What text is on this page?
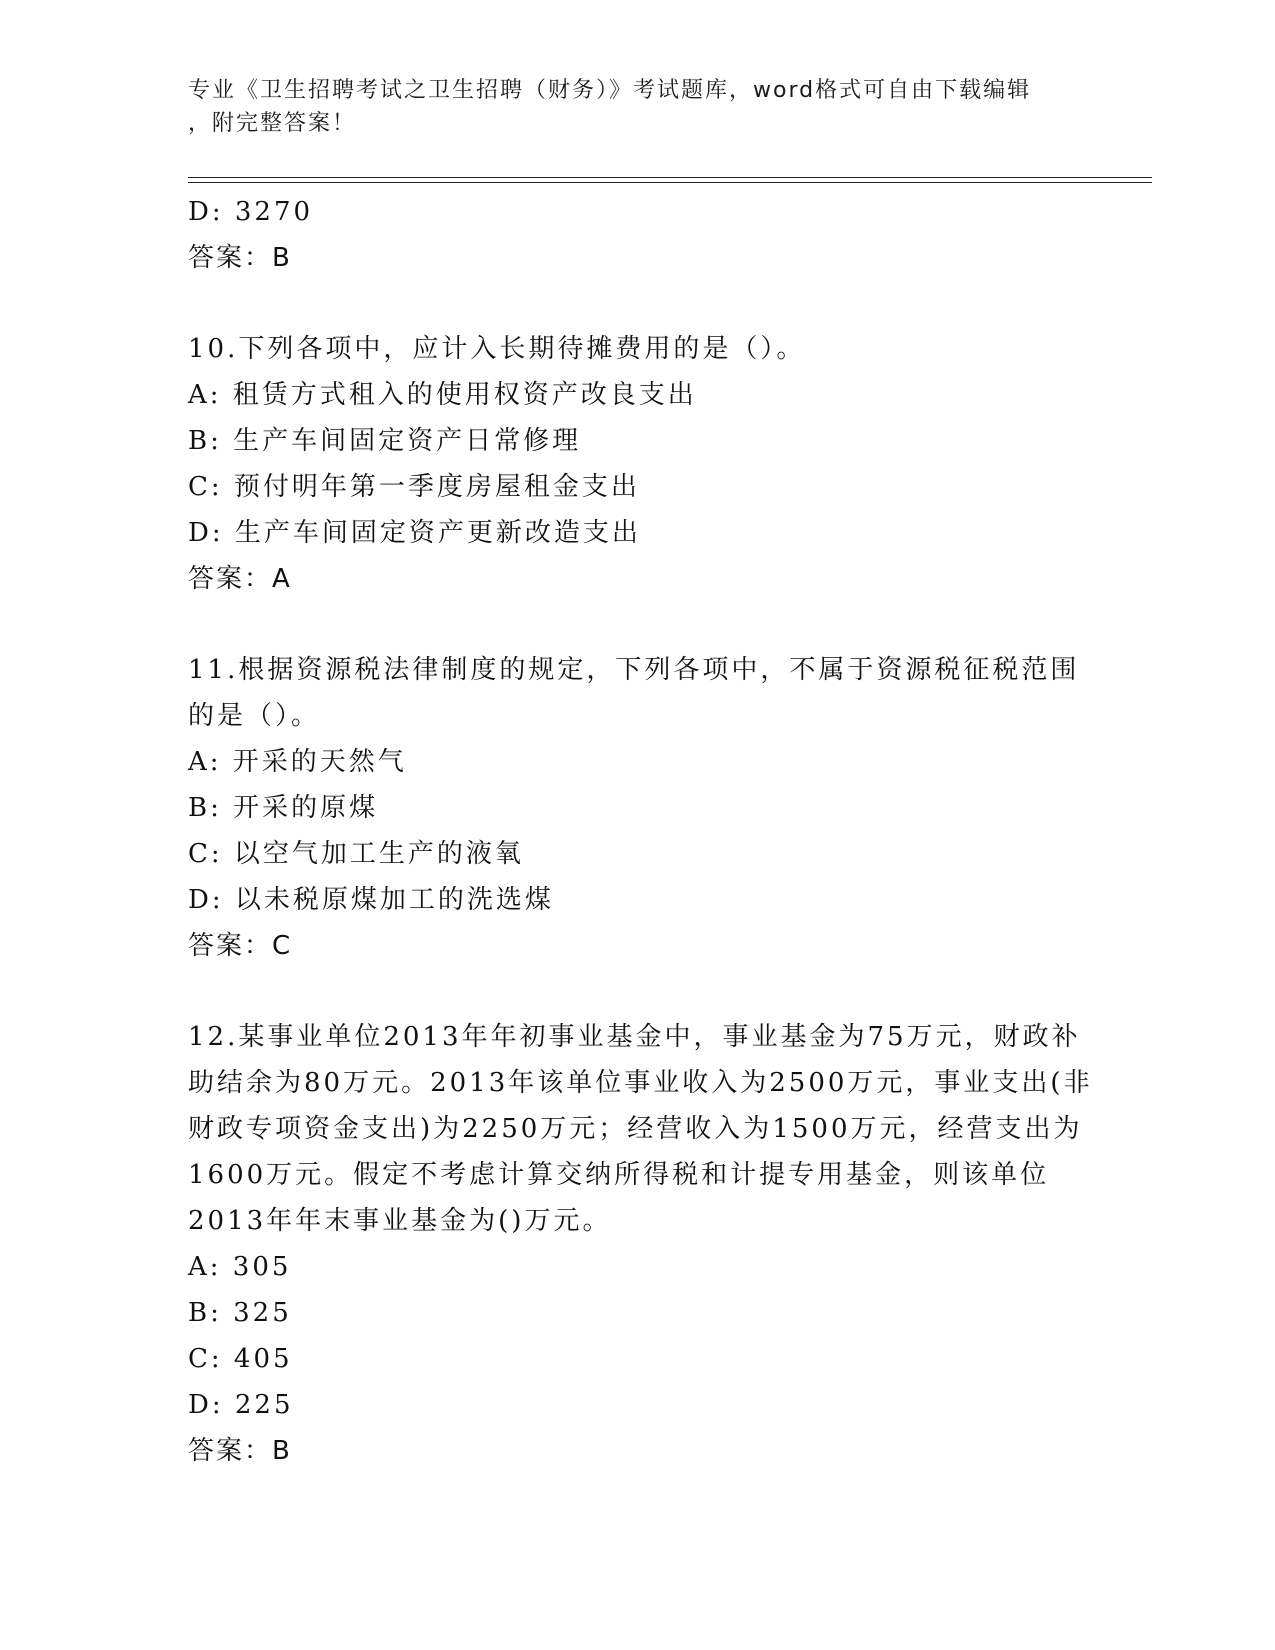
专业《卫生招聘考试之卫生招聘（财务）》考试题库，word格式可自由下载编辑
，附完整答案！
D: 3270
答案：B
10.下列各项中，应计入长期待摊费用的是（）。
A: 租赁方式租入的使用权资产改良支出
B: 生产车间固定资产日常修理
C: 预付明年第一季度房屋租金支出
D: 生产车间固定资产更新改造支出
答案：A
11.根据资源税法律制度的规定，下列各项中，不属于资源税征税范围
的是（）。
A: 开采的天然气
B: 开采的原煤
C: 以空气加工生产的液氧
D: 以未税原煤加工的洗选煤
答案：C
12.某事业单位2013年年初事业基金中，事业基金为75万元，财政补
助结余为80万元。2013年该单位事业收入为2500万元，事业支出(非
财政专项资金支出)为2250万元；经营收入为1500万元，经营支出为
1600万元。假定不考虑计算交纳所得税和计提专用基金，则该单位
2013年年末事业基金为()万元。
A: 305
B: 325
C: 405
D: 225
答案：B
